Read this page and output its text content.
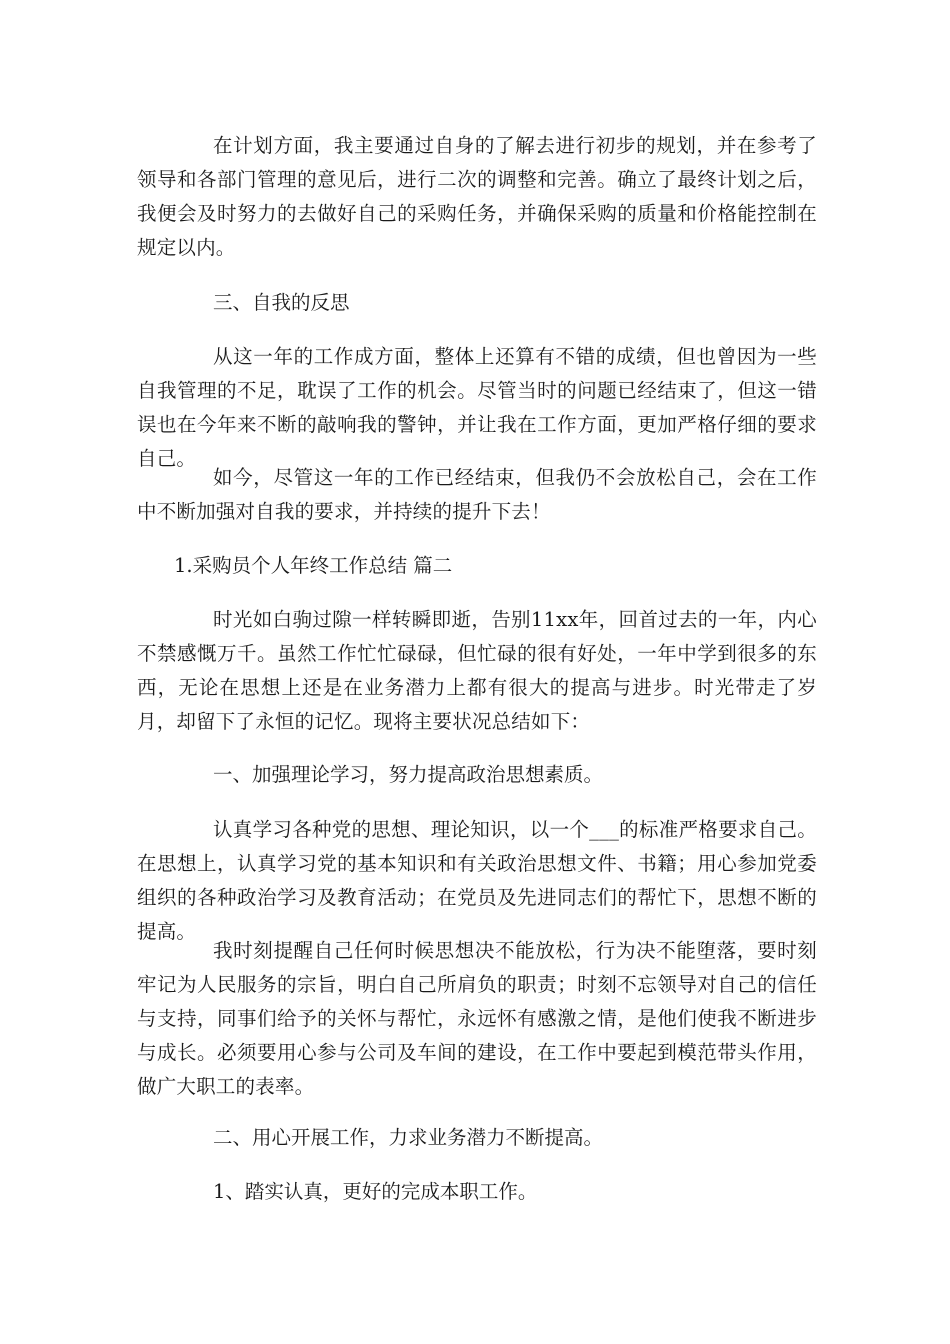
在计划方面，我主要通过自身的了解去进行初步的规划，并在参考了领导和各部门管理的意见后，进行二次的调整和完善。确立了最终计划之后，我便会及时努力的去做好自己的采购任务，并确保采购的质量和价格能控制在规定以内。

三、自我的反思

从这一年的工作成方面，整体上还算有不错的成绩，但也曾因为一些自我管理的不足，耽误了工作的机会。尽管当时的问题已经结束了，但这一错误也在今年来不断的敲响我的警钟，并让我在工作方面，更加严格仔细的要求自己。

如今，尽管这一年的工作已经结束，但我仍不会放松自己，会在工作中不断加强对自我的要求，并持续的提升下去！

1.采购员个人年终工作总结 篇二

时光如白驹过隙一样转瞬即逝，告别11xx年，回首过去的一年，内心不禁感慨万千。虽然工作忙忙碌碌，但忙碌的很有好处，一年中学到很多的东西，无论在思想上还是在业务潜力上都有很大的提高与进步。时光带走了岁月，却留下了永恒的记忆。现将主要状况总结如下：

一、加强理论学习，努力提高政治思想素质。

认真学习各种党的思想、理论知识，以一个___的标准严格要求自己。在思想上，认真学习党的基本知识和有关政治思想文件、书籍；用心参加党委组织的各种政治学习及教育活动；在党员及先进同志们的帮忙下，思想不断的提高。

我时刻提醒自己任何时候思想决不能放松，行为决不能堕落，要时刻牢记为人民服务的宗旨，明白自己所肩负的职责；时刻不忘领导对自己的信任与支持，同事们给予的关怀与帮忙，永远怀有感激之情，是他们使我不断进步与成长。必须要用心参与公司及车间的建设，在工作中要起到模范带头作用，做广大职工的表率。

二、用心开展工作，力求业务潜力不断提高。

1、踏实认真，更好的完成本职工作。
